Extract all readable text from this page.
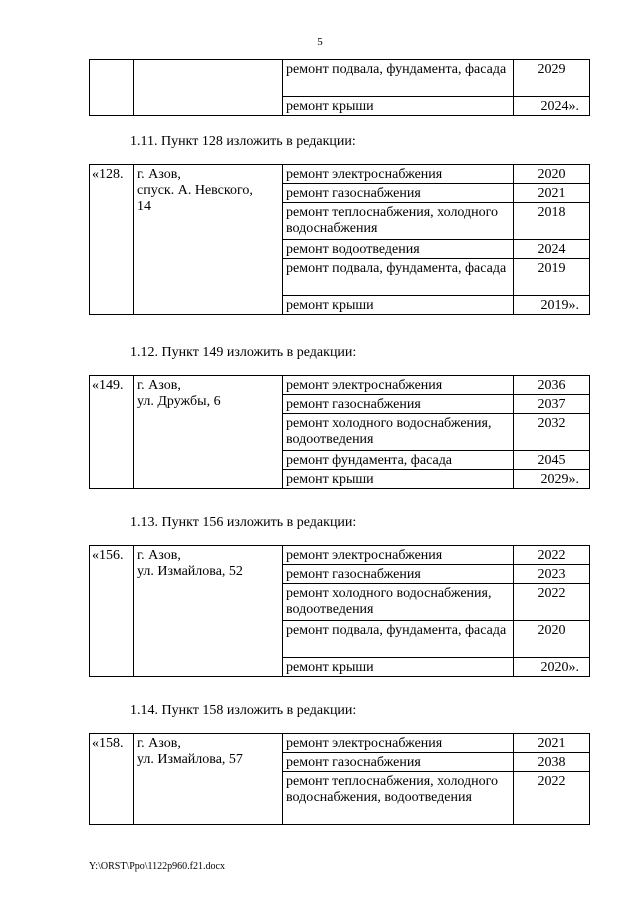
5
		ремонт подвала, фундамента, фасада	2029
		ремонт крыши	2024».
1.11. Пункт 128 изложить в редакции:
«128.	г. Азов,
спуск. А. Невского,
14	ремонт электроснабжения	2020
		ремонт газоснабжения	2021
		ремонт теплоснабжения, холодного водоснабжения	2018
		ремонт водоотведения	2024
		ремонт подвала, фундамента, фасада	2019
		ремонт крыши	2019».
1.12. Пункт 149 изложить в редакции:
«149.	г. Азов,
ул. Дружбы, 6	ремонт электроснабжения	2036
		ремонт газоснабжения	2037
		ремонт холодного водоснабжения, водоотведения	2032
		ремонт фундамента, фасада	2045
		ремонт крыши	2029».
1.13. Пункт 156 изложить в редакции:
«156.	г. Азов,
ул. Измайлова, 52	ремонт электроснабжения	2022
		ремонт газоснабжения	2023
		ремонт холодного водоснабжения, водоотведения	2022
		ремонт подвала, фундамента, фасада	2020
		ремонт крыши	2020».
1.14. Пункт 158 изложить в редакции:
«158.	г. Азов,
ул. Измайлова, 57	ремонт электроснабжения	2021
		ремонт газоснабжения	2038
		ремонт теплоснабжения, холодного водоснабжения, водоотведения	2022
Y:\ORST\Ppo\1122p960.f21.docx
